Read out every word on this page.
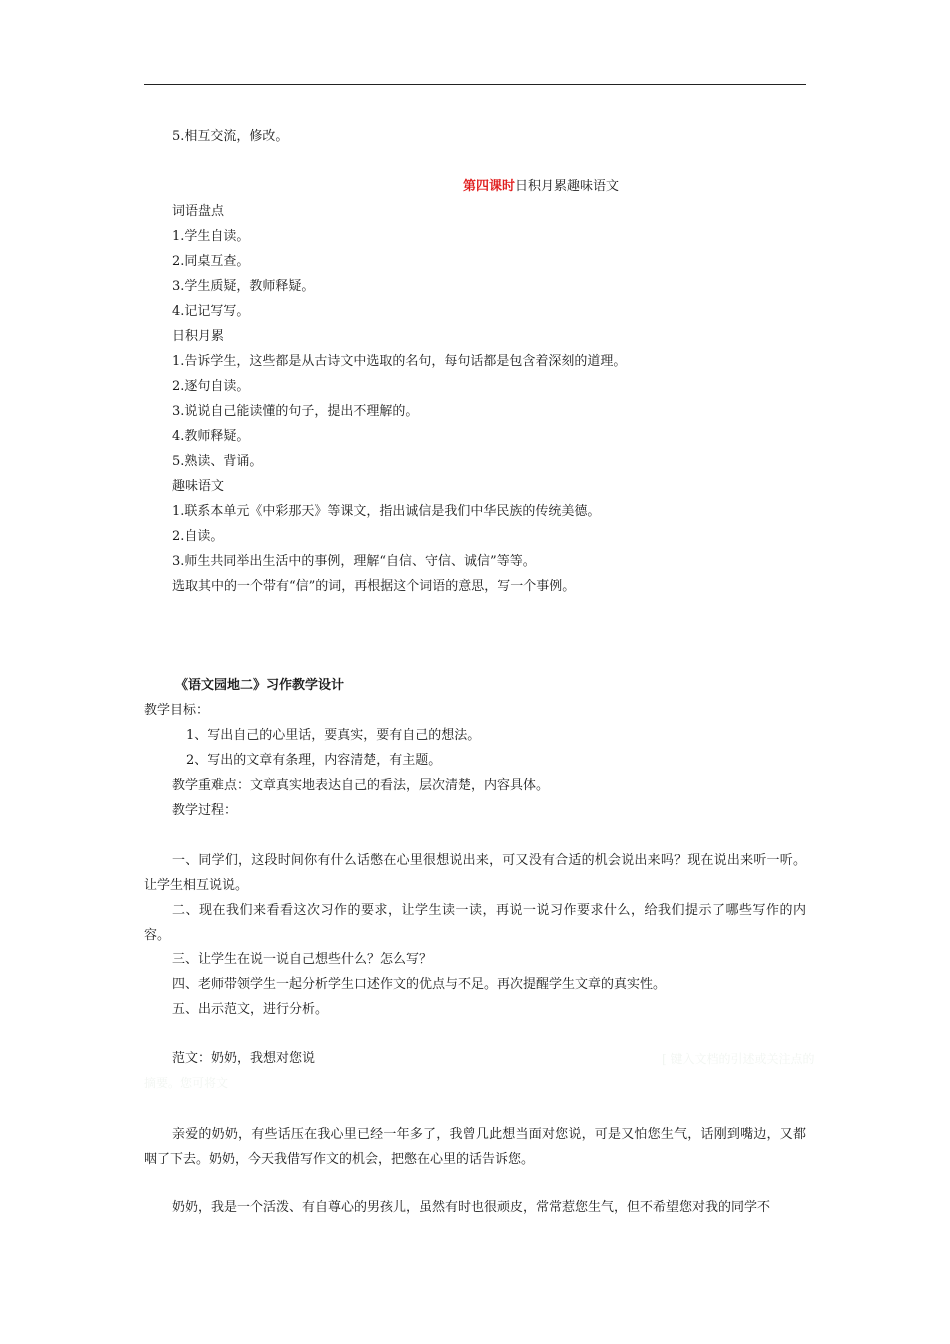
5.相互交流，修改。
第四课时日积月累趣味语文
词语盘点
1.学生自读。
2.同桌互查。
3.学生质疑，教师释疑。
4.记记写写。
日积月累
1.告诉学生，这些都是从古诗文中选取的名句，每句话都是包含着深刻的道理。
2.逐句自读。
3.说说自己能读懂的句子，提出不理解的。
4.教师释疑。
5.熟读、背诵。
趣味语文
1.联系本单元《中彩那天》等课文，指出诚信是我们中华民族的传统美德。
2.自读。
3.师生共同举出生活中的事例，理解“自信、守信、诚信”等等。
选取其中的一个带有“信”的词，再根据这个词语的意思，写一个事例。
《语文园地二》习作教学设计
教学目标：
1、写出自己的心里话，要真实，要有自己的想法。
2、写出的文章有条理，内容清楚，有主题。
教学重难点：文章真实地表达自己的看法，层次清楚，内容具体。
教学过程：
一、同学们，这段时间你有什么话憋在心里很想说出来，可又没有合适的机会说出来吗？现在说出来听一听。让学生相互说说。
二、现在我们来看看这次习作的要求，让学生读一读，再说一说习作要求什么，给我们提示了哪些写作的内容。
三、让学生在说一说自己想些什么？怎么写？
四、老师带领学生一起分析学生口述作文的优点与不足。再次提醒学生文章的真实性。
五、出示范文，进行分析。
范文：奶奶，我想对您说	[ 键入文档的引述或关注点的
摘要。您可将文
亲爱的奶奶，有些话压在我心里已经一年多了，我曾几此想当面对您说，可是又怕您生气，话刚到嘴边，又都咽了下去。奶奶，今天我借写作文的机会，把憋在心里的话告诉您。
奶奶，我是一个活泼、有自尊心的男孩儿，虽然有时也很顽皮，常常惹您生气，但不希望您对我的同学不
